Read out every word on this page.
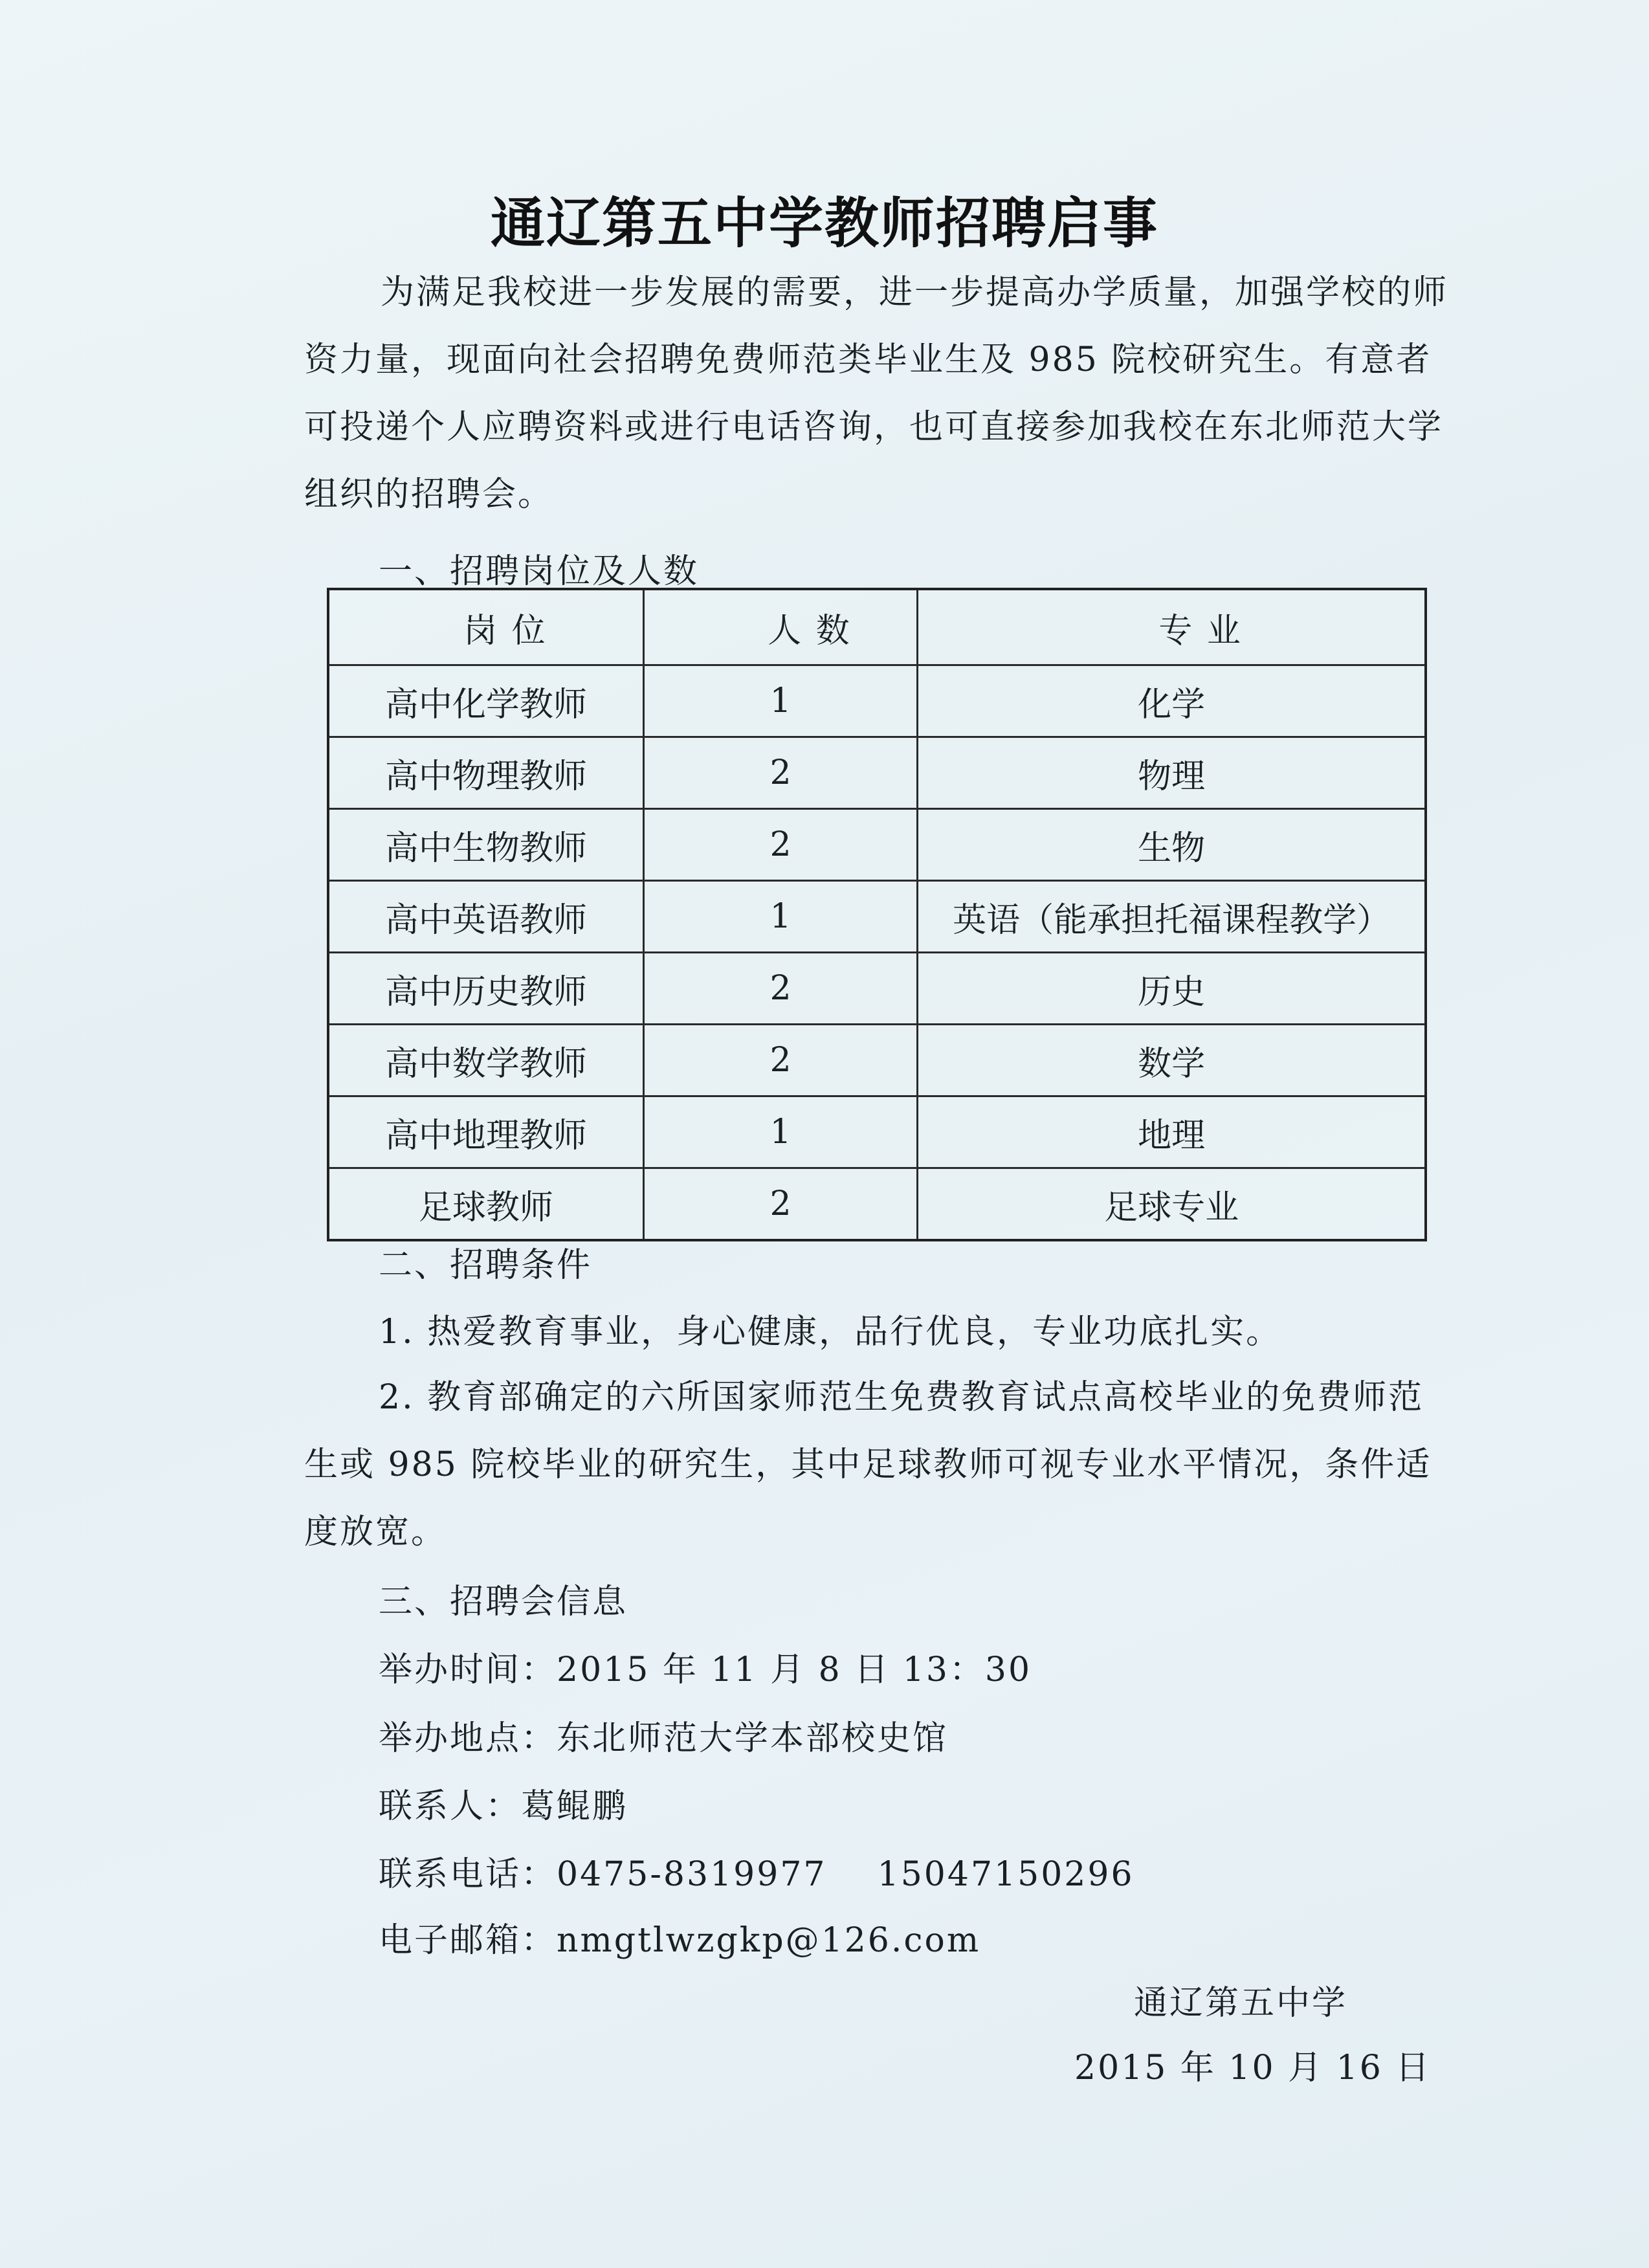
通辽第五中学教师招聘启事
为满足我校进一步发展的需要，进一步提高办学质量，加强学校的师资力量，现面向社会招聘免费师范类毕业生及 985 院校研究生。有意者可投递个人应聘资料或进行电话咨询，也可直接参加我校在东北师范大学组织的招聘会。
一、招聘岗位及人数
岗 位	人 数	专 业
高中化学教师	1	化学
高中物理教师	2	物理
高中生物教师	2	生物
高中英语教师	1	英语（能承担托福课程教学）
高中历史教师	2	历史
高中数学教师	2	数学
高中地理教师	1	地理
足球教师	2	足球专业
二、招聘条件
1. 热爱教育事业，身心健康，品行优良，专业功底扎实。
2. 教育部确定的六所国家师范生免费教育试点高校毕业的免费师范生或 985 院校毕业的研究生，其中足球教师可视专业水平情况，条件适度放宽。
三、招聘会信息
举办时间：2015 年 11 月 8 日 13：30
举办地点：东北师范大学本部校史馆
联系人：葛鲲鹏
联系电话：0475-8319977    15047150296
电子邮箱：nmgtlwzgkp@126.com
通辽第五中学
2015 年 10 月 16 日
